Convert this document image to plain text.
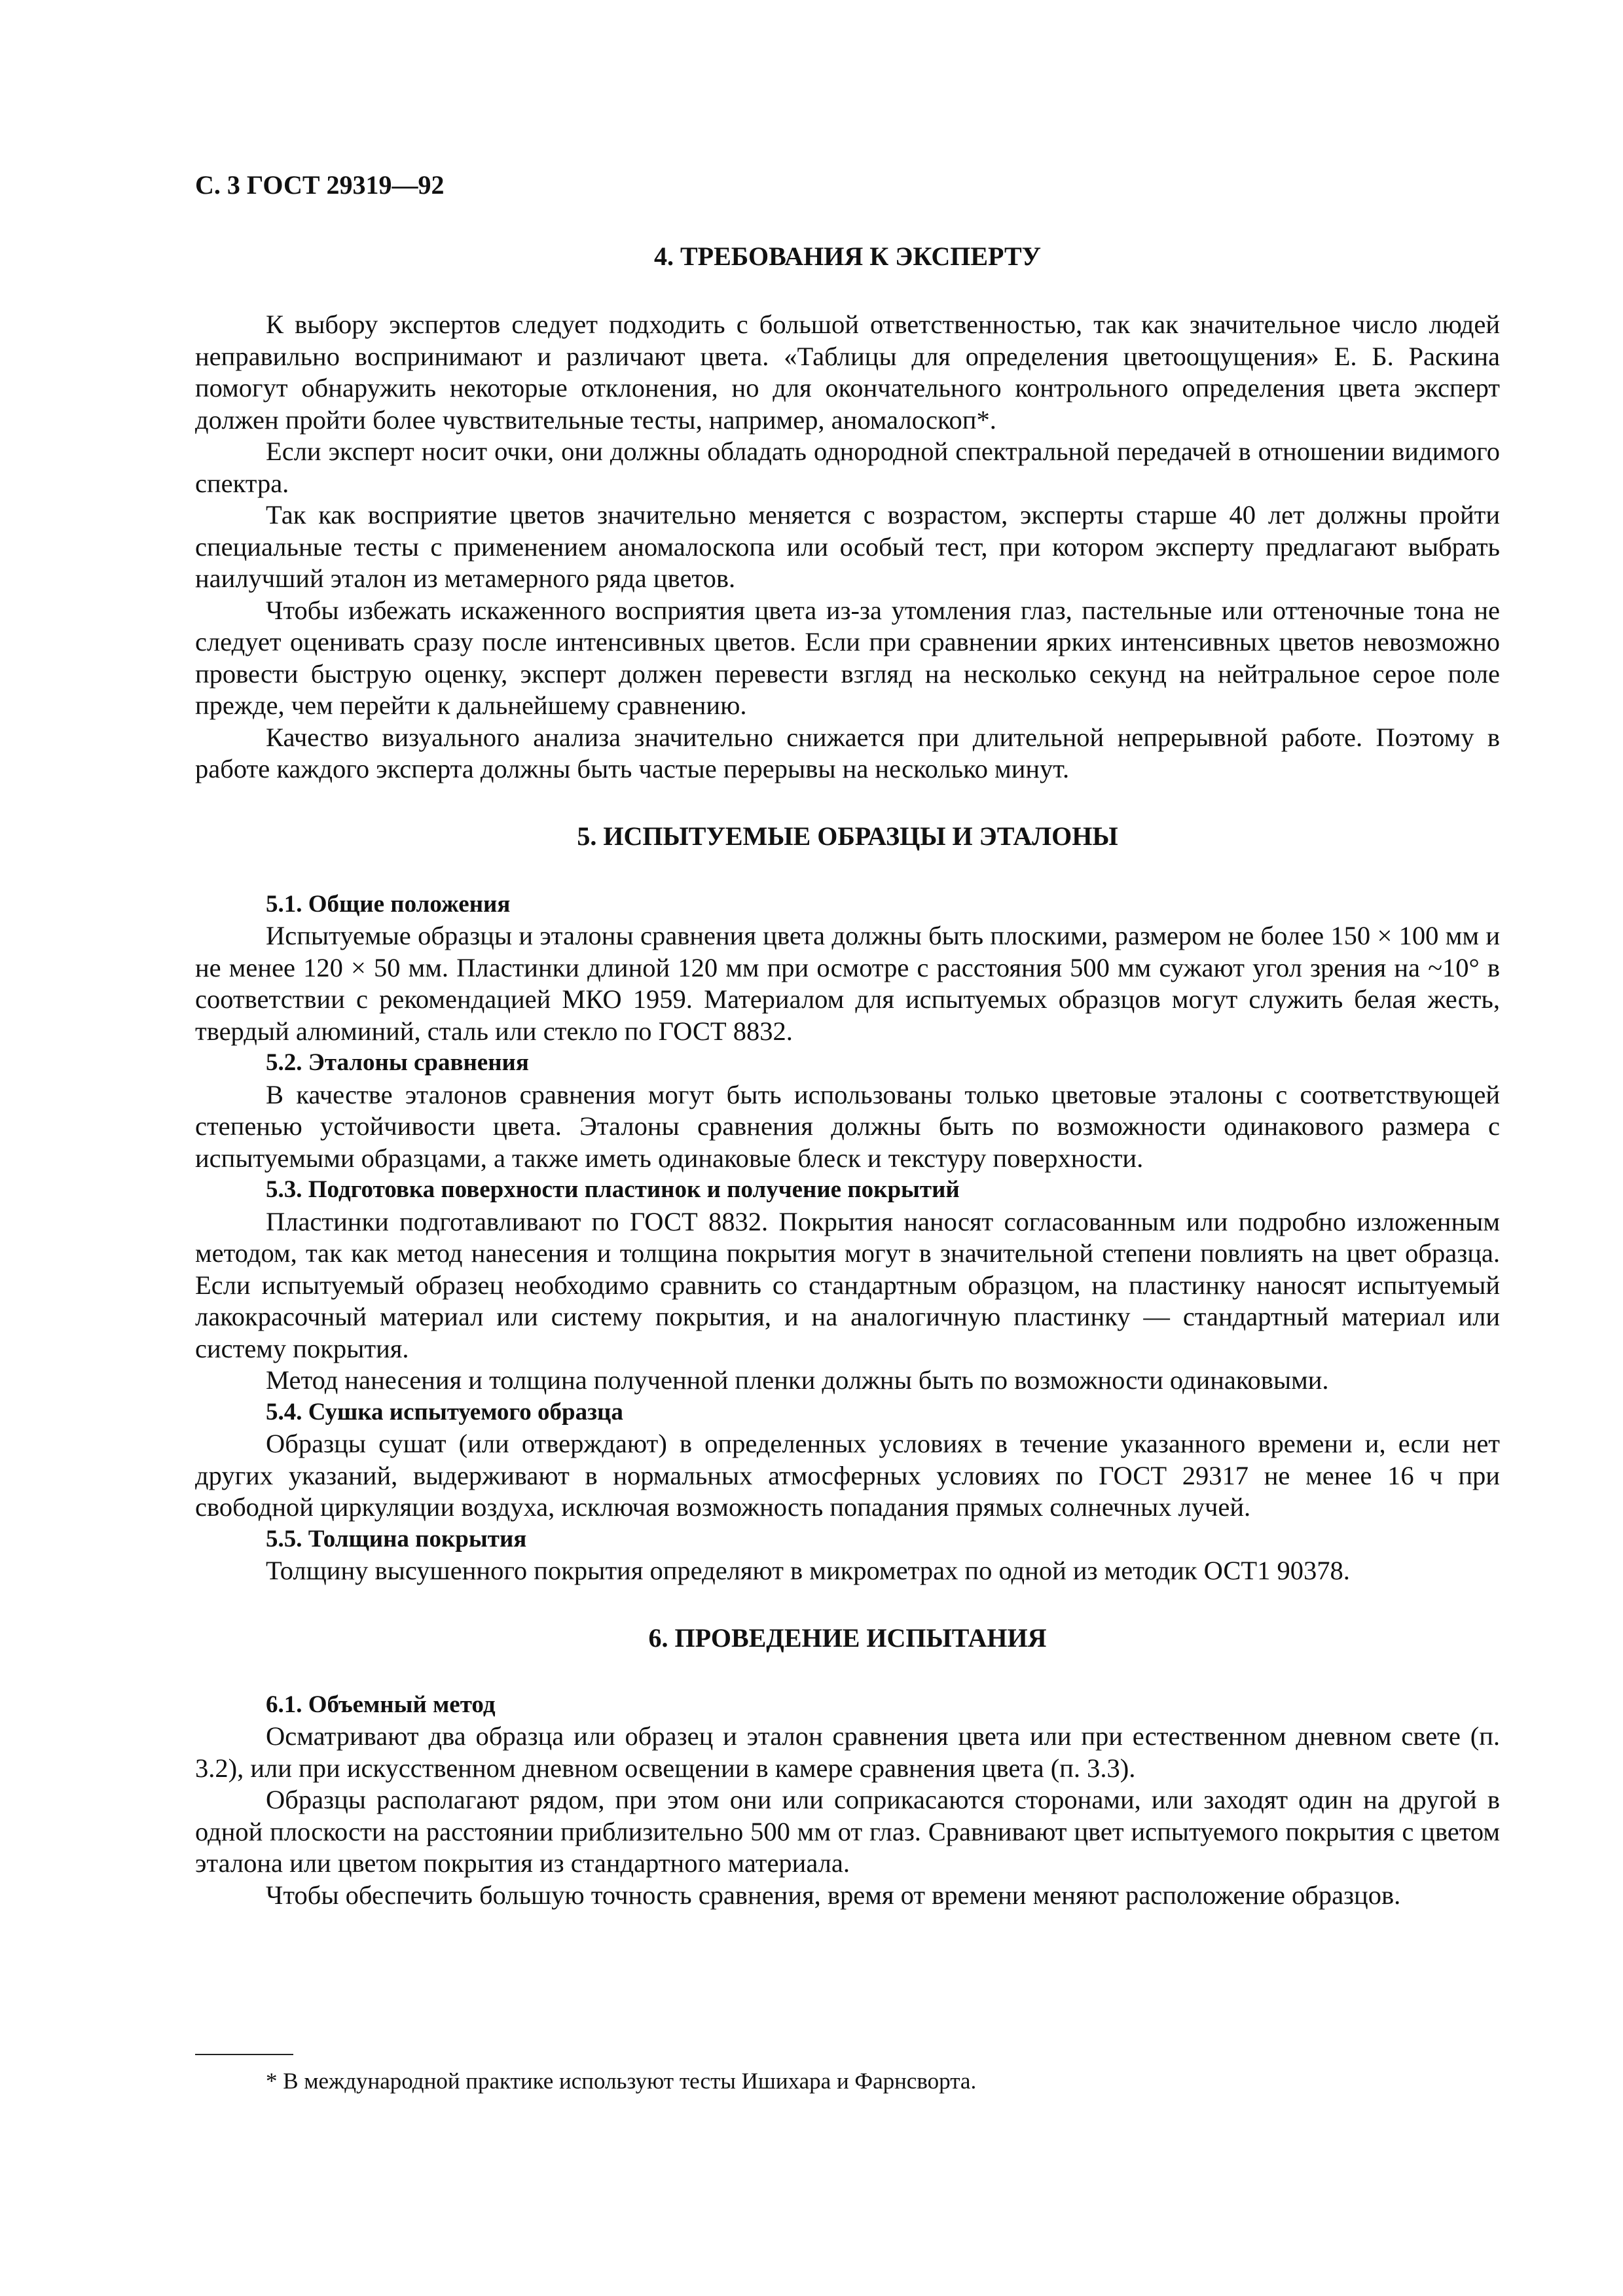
С. 3 ГОСТ 29319—92

4. ТРЕБОВАНИЯ К ЭКСПЕРТУ

К выбору экспертов следует подходить с большой ответственностью, так как значительное число людей неправильно воспринимают и различают цвета. «Таблицы для определения цветоощущения» Е. Б. Раскина помогут обнаружить некоторые отклонения, но для окончательного контрольного определения цвета эксперт должен пройти более чувствительные тесты, например, аномалоскоп*.

Если эксперт носит очки, они должны обладать однородной спектральной передачей в отношении видимого спектра.

Так как восприятие цветов значительно меняется с возрастом, эксперты старше 40 лет должны пройти специальные тесты с применением аномалоскопа или особый тест, при котором эксперту предлагают выбрать наилучший эталон из метамерного ряда цветов.

Чтобы избежать искаженного восприятия цвета из-за утомления глаз, пастельные или оттеночные тона не следует оценивать сразу после интенсивных цветов. Если при сравнении ярких интенсивных цветов невозможно провести быструю оценку, эксперт должен перевести взгляд на несколько секунд на нейтральное серое поле прежде, чем перейти к дальнейшему сравнению.

Качество визуального анализа значительно снижается при длительной непрерывной работе. Поэтому в работе каждого эксперта должны быть частые перерывы на несколько минут.

5. ИСПЫТУЕМЫЕ ОБРАЗЦЫ И ЭТАЛОНЫ

5.1. Общие положения

Испытуемые образцы и эталоны сравнения цвета должны быть плоскими, размером не более 150 × 100 мм и не менее 120 × 50 мм. Пластинки длиной 120 мм при осмотре с расстояния 500 мм сужают угол зрения на ~10° в соответствии с рекомендацией МКО 1959. Материалом для испытуемых образцов могут служить белая жесть, твердый алюминий, сталь или стекло по ГОСТ 8832.

5.2. Эталоны сравнения

В качестве эталонов сравнения могут быть использованы только цветовые эталоны с соответствующей степенью устойчивости цвета. Эталоны сравнения должны быть по возможности одинакового размера с испытуемыми образцами, а также иметь одинаковые блеск и текстуру поверхности.

5.3. Подготовка поверхности пластинок и получение покрытий

Пластинки подготавливают по ГОСТ 8832. Покрытия наносят согласованным или подробно изложенным методом, так как метод нанесения и толщина покрытия могут в значительной степени повлиять на цвет образца. Если испытуемый образец необходимо сравнить со стандартным образцом, на пластинку наносят испытуемый лакокрасочный материал или систему покрытия, и на аналогичную пластинку — стандартный материал или систему покрытия.

Метод нанесения и толщина полученной пленки должны быть по возможности одинаковыми.

5.4. Сушка испытуемого образца

Образцы сушат (или отверждают) в определенных условиях в течение указанного времени и, если нет других указаний, выдерживают в нормальных атмосферных условиях по ГОСТ 29317 не менее 16 ч при свободной циркуляции воздуха, исключая возможность попадания прямых солнечных лучей.

5.5. Толщина покрытия

Толщину высушенного покрытия определяют в микрометрах по одной из методик ОСТ1 90378.

6. ПРОВЕДЕНИЕ ИСПЫТАНИЯ

6.1. Объемный метод

Осматривают два образца или образец и эталон сравнения цвета или при естественном дневном свете (п. 3.2), или при искусственном дневном освещении в камере сравнения цвета (п. 3.3).

Образцы располагают рядом, при этом они или соприкасаются сторонами, или заходят один на другой в одной плоскости на расстоянии приблизительно 500 мм от глаз. Сравнивают цвет испытуемого покрытия с цветом эталона или цветом покрытия из стандартного материала.

Чтобы обеспечить большую точность сравнения, время от времени меняют расположение образцов.

* В международной практике используют тесты Ишихара и Фарнсворта.
